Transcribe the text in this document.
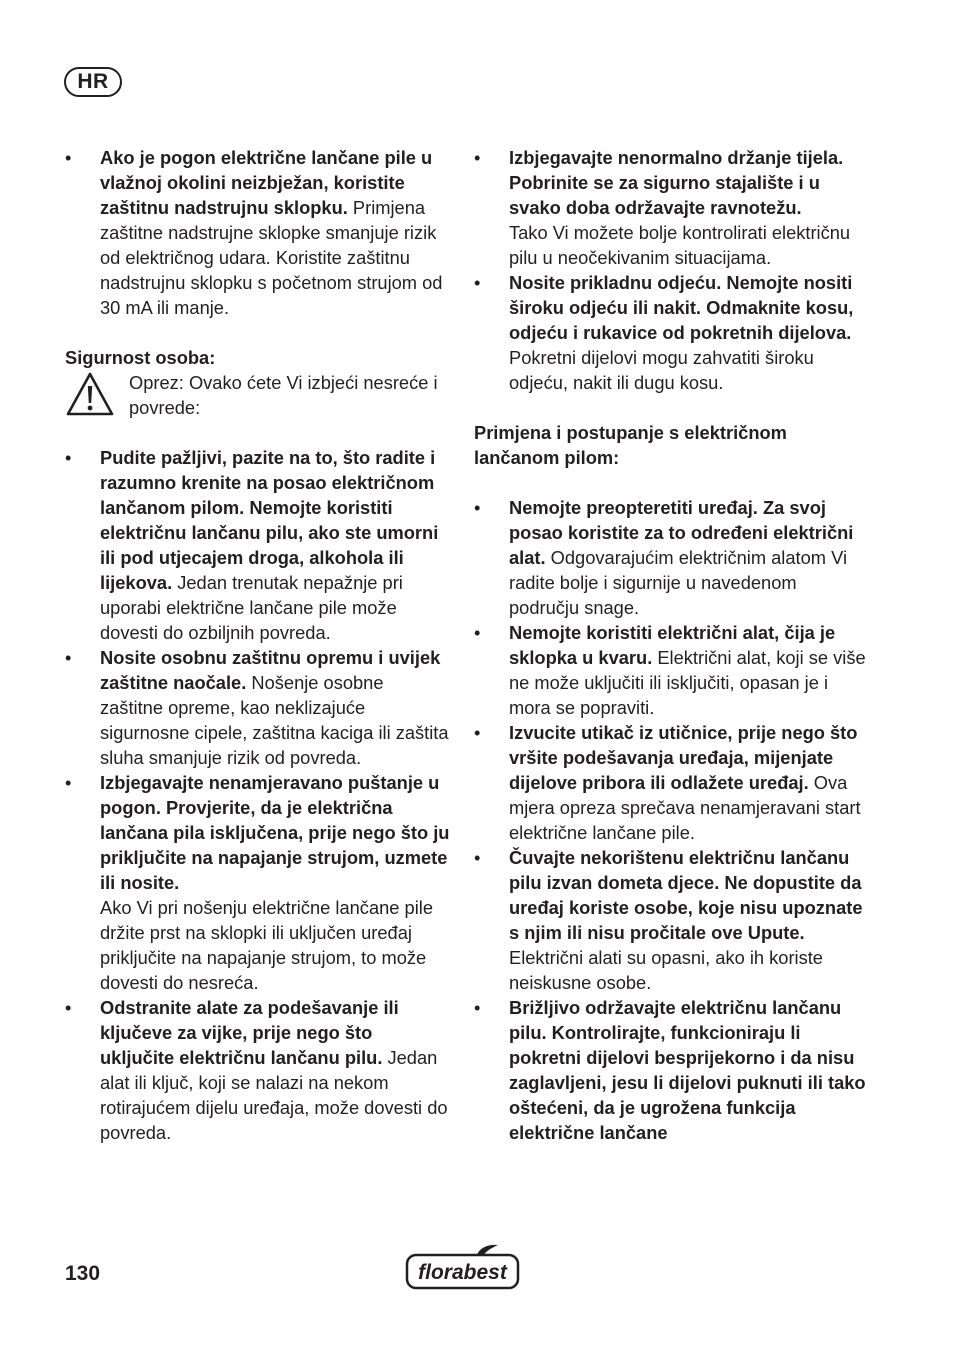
HR
•	Ako je pogon električne lančane pile u vlažnoj okolini neizbježan, koristite zaštitnu nadstrujnu sklopku. Primjena zaštitne nadstrujne sklopke smanjuje rizik od električnog udara. Koristite zaštitnu nadstrujnu sklopku s početnom strujom od 30 mA ili manje.
Sigurnost osoba:
Oprez: Ovako ćete Vi izbjeći nesreće i povrede:
•	Pudite pažljivi, pazite na to, što radite i razumno krenite na posao električnom lančanom pilom. Nemojte koristiti električnu lančanu pilu, ako ste umorni ili pod utjecajem droga, alkohola ili lijekova. Jedan trenutak nepažnje pri uporabi električne lančane pile može dovesti do ozbiljnih povreda.
•	Nosite osobnu zaštitnu opremu i uvijek zaštitne naočale. Nošenje osobne zaštitne opreme, kao neklizajuće sigurnosne cipele, zaštitna kaciga ili zaštita sluha smanjuje rizik od povreda.
•	Izbjegavajte nenamjeravano puštanje u pogon. Provjerite, da je električna lančana pila isključena, prije nego što ju priključite na napajanje strujom, uzmete ili nosite.
Ako Vi pri nošenju električne lančane pile držite prst na sklopki ili uključen uređaj priključite na napajanje strujom, to može dovesti do nesreća.
•	Odstranite alate za podešavanje ili ključeve za vijke, prije nego što uključite električnu lančanu pilu. Jedan alat ili ključ, koji se nalazi na nekom rotirajućem dijelu uređaja, može dovesti do povreda.
•	Izbjegavajte nenormalno držanje tijela. Pobrinite se za sigurno stajalište i u svako doba održavajte ravnotežu.
Tako Vi možete bolje kontrolirati električnu pilu u neočekivanim situacijama.
•	Nosite prikladnu odjeću. Nemojte nositi široku odjeću ili nakit. Odmaknite kosu, odjeću i rukavice od pokretnih dijelova. Pokretni dijelovi mogu zahvatiti široku odjeću, nakit ili dugu kosu.
Primjena i postupanje s električnom lančanom pilom:
•	Nemojte preopteretiti uređaj. Za svoj posao koristite za to određeni električni alat. Odgovarajućim električnim alatom Vi radite bolje i sigurnije u navedenom području snage.
•	Nemojte koristiti električni alat, čija je sklopka u kvaru. Električni alat, koji se više ne može uključiti ili isključiti, opasan je i mora se popraviti.
•	Izvucite utikač iz utičnice, prije nego što vršite podešavanja uređaja, mijenjate dijelove pribora ili odlažete uređaj. Ova mjera opreza sprečava nenamjeravani start električne lančane pile.
•	Čuvajte nekorištenu električnu lančanu pilu izvan dometa djece. Ne dopustite da uređaj koriste osobe, koje nisu upoznate s njim ili nisu pročitale ove Upute. Električni alati su opasni, ako ih koriste neiskusne osobe.
•	Brižljivo održavajte električnu lančanu pilu. Kontrolirajte, funkcioniraju li pokretni dijelovi besprijekorno i da nisu zaglavljeni, jesu li dijelovi puknuti ili tako oštećeni, da je ugrožena funkcija električne lančane
130	florabest
